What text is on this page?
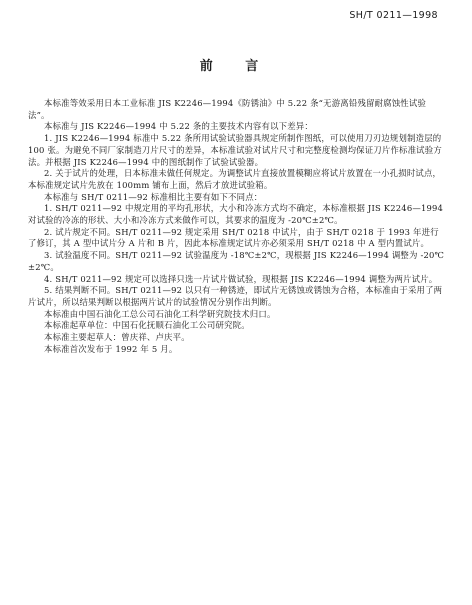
SH/T 0211—1998
前 言

本标准等效采用日本工业标准 JIS K2246—1994《防锈油》中 5.22 条“无游离铅残留耐腐蚀性试验法”。

本标准与 JIS K2246—1994 中 5.22 条的主要技术内容有以下差异：

1. JIS K2246—1994 标准中 5.22 条所用试验试验器具规定所制作图纸，可以使用刀刃边规划制造层的 100 张。为避免不同厂家制造刀片尺寸的差异，本标准试验对试片尺寸和完整度检测均保证刀片作标准试验方法。并根据 JIS K2246—1994 中的图纸制作了试验试验器。

2. 关于试片的处理，日本标准未做任何规定。为调整试片直接放置模糊应将试片放置在一小孔损时试点，本标准规定试片先放在 100mm 铺布上面，然后才放进试验箱。

本标准与 SH/T 0211—92 标准相比主要有如下不同点：

1. SH/T 0211—92 中规定用的平均孔形状，大小和冷冻方式均不确定，本标准根据 JIS K2246—1994 对试验的冷冻的形状、大小和冷冻方式来做作可以，其要求的温度为 -20℃±2℃。

2. 试片规定不同。SH/T 0211—92 规定采用 SH/T 0218 中试片，由于 SH/T 0218 于 1993 年进行了修订，其 A 型中试片分 A 片和 B 片，因此本标准规定试片亦必须采用 SH/T 0218 中 A 型内置试片。

3. 试验温度不同。SH/T 0211—92 试验温度为 -18℃±2℃，现根据 JIS K2246—1994 调整为 -20℃±2℃。

4. SH/T 0211—92 规定可以选择只选一片试片做试验，现根据 JIS K2246—1994 调整为两片试片。

5. 结果判断不同。SH/T 0211—92 以只有一种锈迹，即试片无锈蚀或锈蚀为合格，本标准由于采用了两片试片，所以结果判断以根据两片试片的试验情况分别作出判断。

本标准由中国石油化工总公司石油化工科学研究院技术归口。

本标准起草单位：中国石化抚顺石油化工公司研究院。

本标准主要起草人：曾庆祥、卢庆平。

本标准首次发布于 1992 年 5 月。
